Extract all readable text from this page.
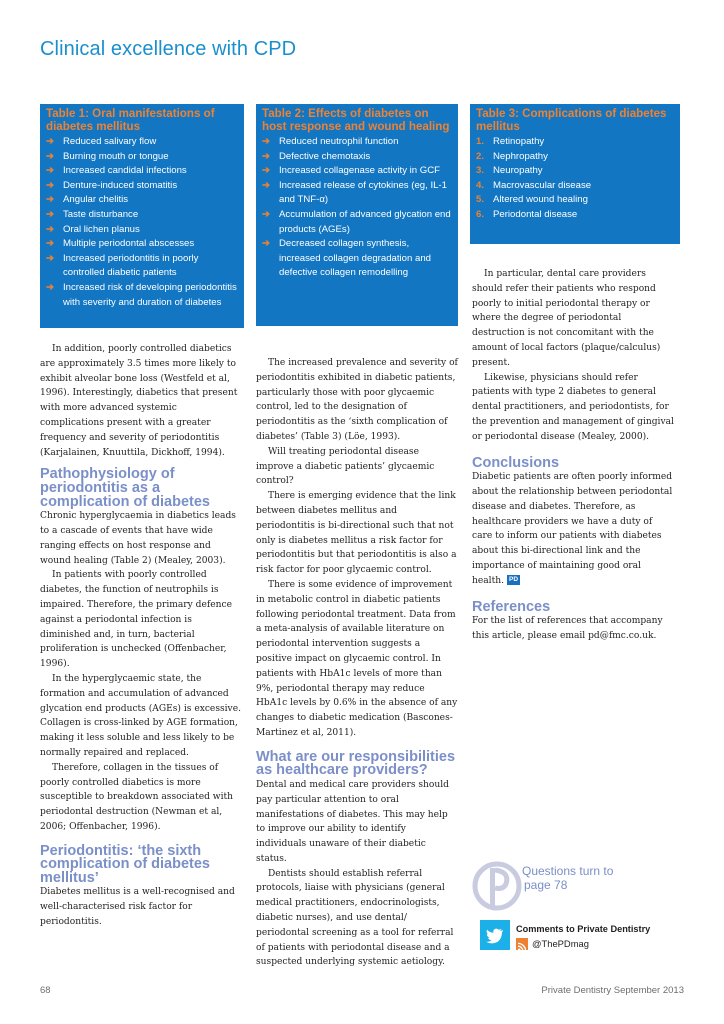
Clinical excellence with CPD
Table 1: Oral manifestations of diabetes mellitus
➔ Reduced salivary flow
➔ Burning mouth or tongue
➔ Increased candidal infections
➔ Denture-induced stomatitis
➔ Angular chelitis
➔ Taste disturbance
➔ Oral lichen planus
➔ Multiple periodontal abscesses
➔ Increased periodontitis in poorly controlled diabetic patients
➔ Increased risk of developing periodontitis with severity and duration of diabetes
Table 2: Effects of diabetes on host response and wound healing
➔ Reduced neutrophil function
➔ Defective chemotaxis
➔ Increased collagenase activity in GCF
➔ Increased release of cytokines (eg, IL-1 and TNF-α)
➔ Accumulation of advanced glycation end products (AGEs)
➔ Decreased collagen synthesis, increased collagen degradation and defective collagen remodelling
Table 3: Complications of diabetes mellitus
1. Retinopathy
2. Nephropathy
3. Neuropathy
4. Macrovascular disease
5. Altered wound healing
6. Periodontal disease

In addition, poorly controlled diabetics are approximately 3.5 times more likely to exhibit alveolar bone loss (Westfeld et al, 1996). Interestingly, diabetics that present with more advanced systemic complications present with a greater frequency and severity of periodontitis (Karjalainen, Knuuttila, Dickhoff, 1994).

Pathophysiology of periodontitis as a complication of diabetes

Chronic hyperglycaemia in diabetics leads to a cascade of events that have wide ranging effects on host response and wound healing (Table 2) (Mealey, 2003).

In patients with poorly controlled diabetes, the function of neutrophils is impaired. Therefore, the primary defence against a periodontal infection is diminished and, in turn, bacterial proliferation is unchecked (Offenbacher, 1996).

In the hyperglycaemic state, the formation and accumulation of advanced glycation end products (AGEs) is excessive. Collagen is cross-linked by AGE formation, making it less soluble and less likely to be normally repaired and replaced.

Therefore, collagen in the tissues of poorly controlled diabetics is more susceptible to breakdown associated with periodontal destruction (Newman et al, 2006; Offenbacher, 1996).

Periodontitis: ‘the sixth complication of diabetes mellitus’

Diabetes mellitus is a well-recognised and well-characterised risk factor for periodontitis.

The increased prevalence and severity of periodontitis exhibited in diabetic patients, particularly those with poor glycaemic control, led to the designation of periodontitis as the ‘sixth complication of diabetes’ (Table 3) (Löe, 1993).

Will treating periodontal disease improve a diabetic patients’ glycaemic control?

There is emerging evidence that the link between diabetes mellitus and periodontitis is bi-directional such that not only is diabetes mellitus a risk factor for periodontitis but that periodontitis is also a risk factor for poor glycaemic control.

There is some evidence of improvement in metabolic control in diabetic patients following periodontal treatment. Data from a meta-analysis of available literature on periodontal intervention suggests a positive impact on glycaemic control. In patients with HbA1c levels of more than 9%, periodontal therapy may reduce HbA1c levels by 0.6% in the absence of any changes to diabetic medication (Bascones-Martinez et al, 2011).

What are our responsibilities as healthcare providers?

Dental and medical care providers should pay particular attention to oral manifestations of diabetes. This may help to improve our ability to identify individuals unaware of their diabetic status.

Dentists should establish referral protocols, liaise with physicians (general medical practitioners, endocrinologists, diabetic nurses), and use dental/ periodontal screening as a tool for referral of patients with periodontal disease and a suspected underlying systemic aetiology.

In particular, dental care providers should refer their patients who respond poorly to initial periodontal therapy or where the degree of periodontal destruction is not concomitant with the amount of local factors (plaque/calculus) present.

Likewise, physicians should refer patients with type 2 diabetes to general dental practitioners, and periodontists, for the prevention and management of gingival or periodontal disease (Mealey, 2000).

Conclusions

Diabetic patients are often poorly informed about the relationship between periodontal disease and diabetes. Therefore, as healthcare providers we have a duty of care to inform our patients with diabetes about this bi-directional link and the importance of maintaining good oral health. PD

References

For the list of references that accompany this article, please email pd@fmc.co.uk.

Questions turn to
page 78
Comments to Private Dentistry
@ThePDmag
68	Private Dentistry September 2013
